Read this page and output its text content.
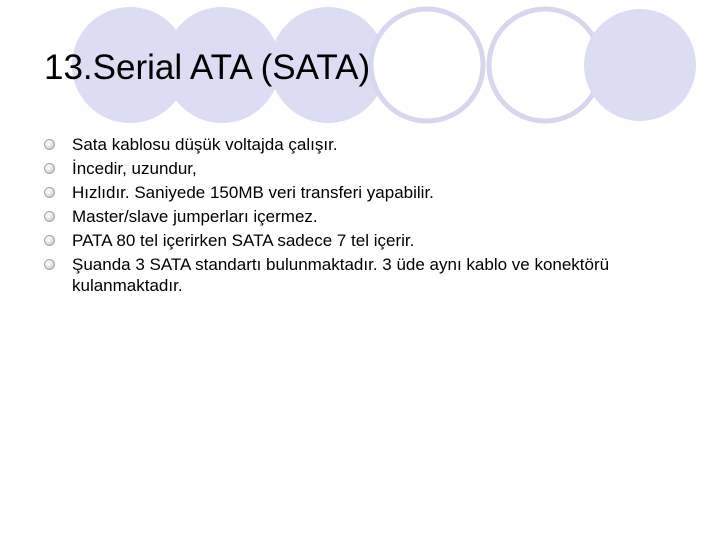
13.Serial ATA (SATA)
Sata kablosu düşük voltajda çalışır.
İncedir, uzundur,
Hızlıdır. Saniyede 150MB veri transferi yapabilir.
Master/slave jumperları içermez.
PATA 80 tel içerirken SATA sadece 7 tel içerir.
Şuanda 3 SATA standartı bulunmaktadır. 3 üde aynı kablo ve konektörü kulanmaktadır.
